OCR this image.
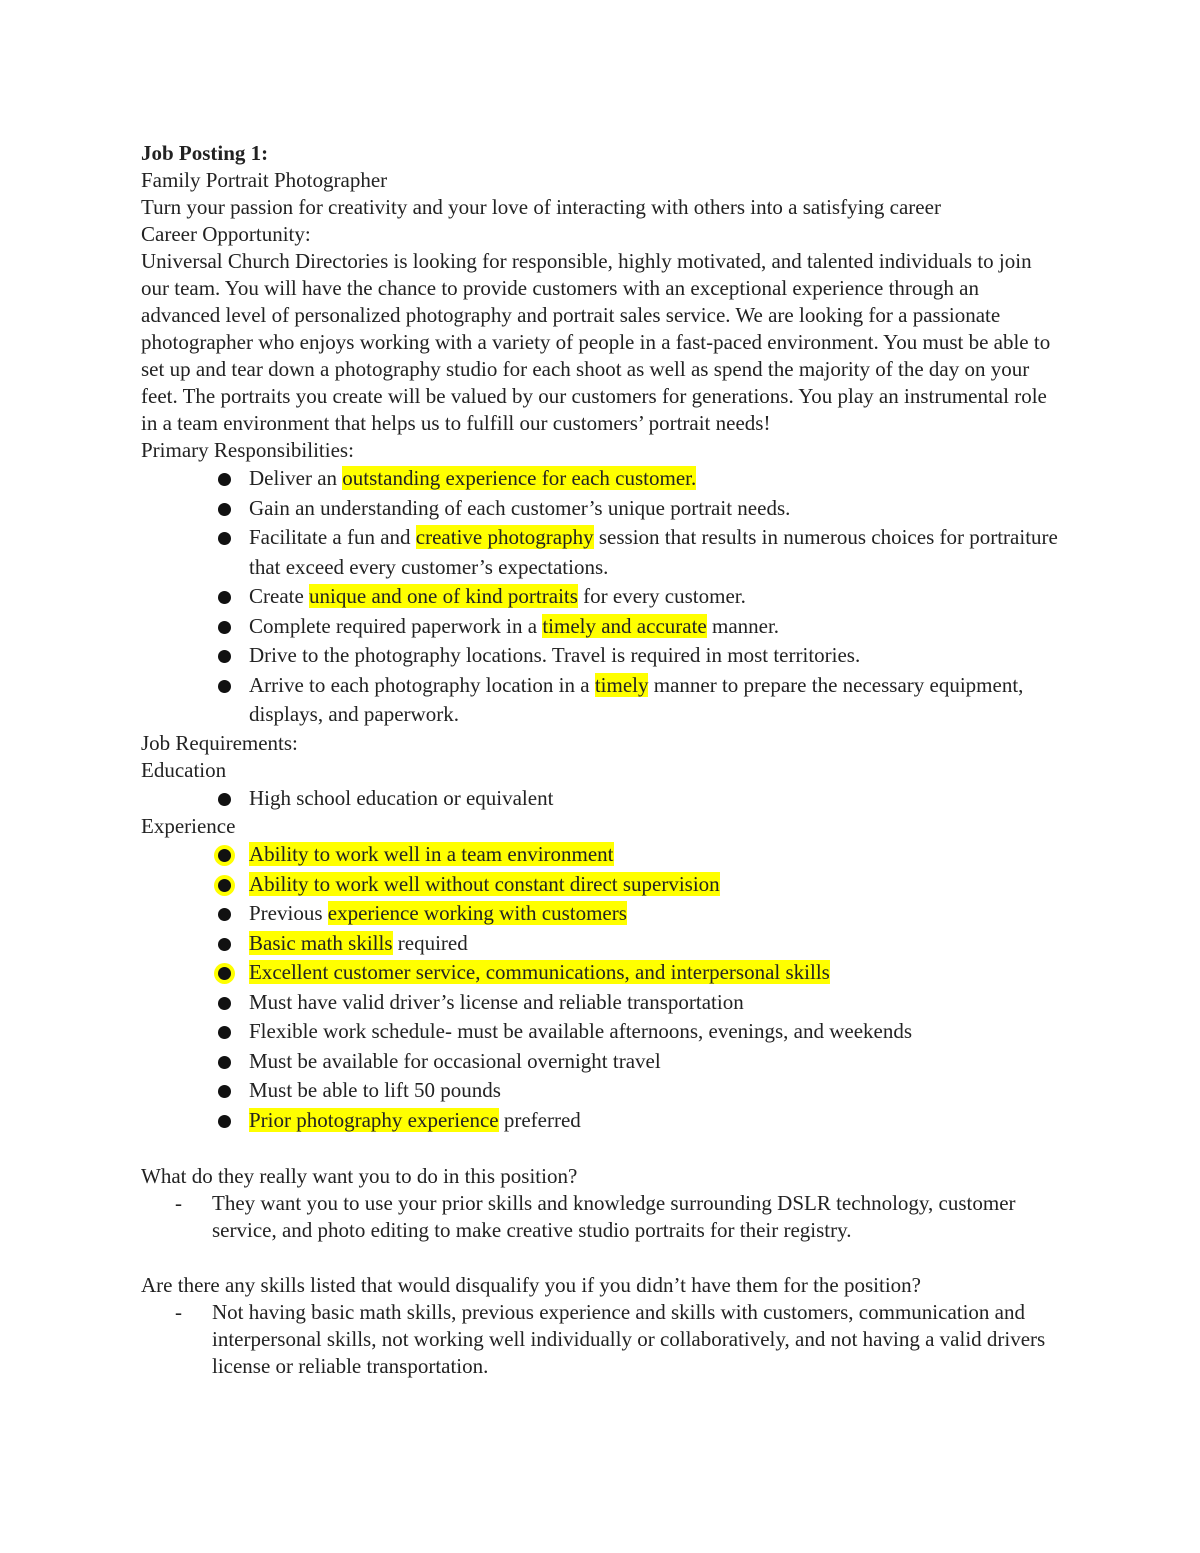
Job Posting 1:
Family Portrait Photographer
Turn your passion for creativity and your love of interacting with others into a satisfying career
Career Opportunity:
Universal Church Directories is looking for responsible, highly motivated, and talented individuals to join our team. You will have the chance to provide customers with an exceptional experience through an advanced level of personalized photography and portrait sales service. We are looking for a passionate photographer who enjoys working with a variety of people in a fast-paced environment. You must be able to set up and tear down a photography studio for each shoot as well as spend the majority of the day on your feet. The portraits you create will be valued by our customers for generations. You play an instrumental role in a team environment that helps us to fulfill our customers’ portrait needs!
Primary Responsibilities:
Deliver an outstanding experience for each customer.
Gain an understanding of each customer’s unique portrait needs.
Facilitate a fun and creative photography session that results in numerous choices for portraiture that exceed every customer’s expectations.
Create unique and one of kind portraits for every customer.
Complete required paperwork in a timely and accurate manner.
Drive to the photography locations. Travel is required in most territories.
Arrive to each photography location in a timely manner to prepare the necessary equipment, displays, and paperwork.
Job Requirements:
Education
High school education or equivalent
Experience
Ability to work well in a team environment
Ability to work well without constant direct supervision
Previous experience working with customers
Basic math skills required
Excellent customer service, communications, and interpersonal skills
Must have valid driver’s license and reliable transportation
Flexible work schedule- must be available afternoons, evenings, and weekends
Must be available for occasional overnight travel
Must be able to lift 50 pounds
Prior photography experience preferred
What do they really want you to do in this position?
- They want you to use your prior skills and knowledge surrounding DSLR technology, customer service, and photo editing to make creative studio portraits for their registry.
Are there any skills listed that would disqualify you if you didn’t have them for the position?
- Not having basic math skills, previous experience and skills with customers, communication and interpersonal skills, not working well individually or collaboratively, and not having a valid drivers license or reliable transportation.
